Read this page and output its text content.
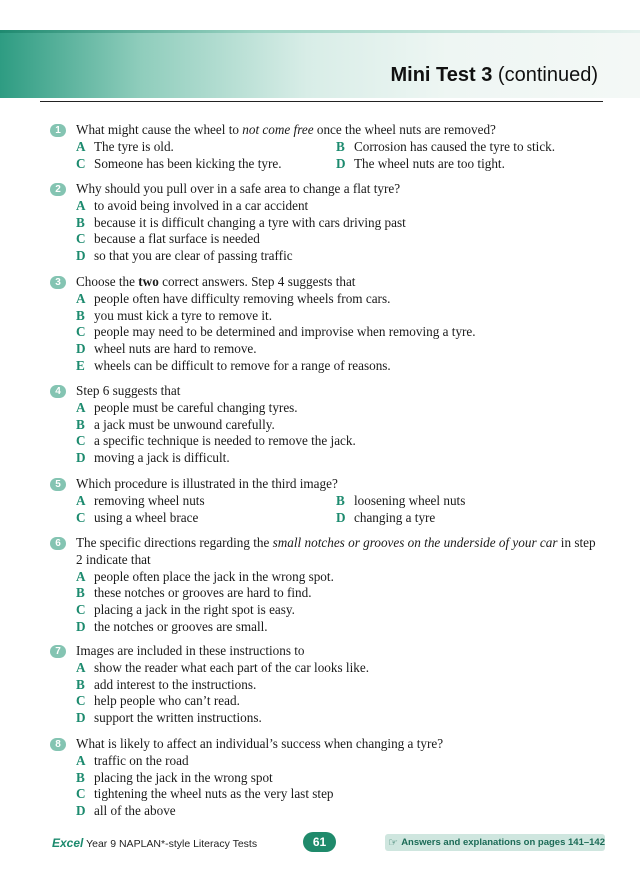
Mini Test 3 (continued)
1	What might cause the wheel to not come free once the wheel nuts are removed?
A The tyre is old.	B Corrosion has caused the tyre to stick.
C Someone has been kicking the tyre.	D The wheel nuts are too tight.
2	Why should you pull over in a safe area to change a flat tyre?
A to avoid being involved in a car accident
B because it is difficult changing a tyre with cars driving past
C because a flat surface is needed
D so that you are clear of passing traffic
3	Choose the two correct answers. Step 4 suggests that
A people often have difficulty removing wheels from cars.
B you must kick a tyre to remove it.
C people may need to be determined and improvise when removing a tyre.
D wheel nuts are hard to remove.
E wheels can be difficult to remove for a range of reasons.
4	Step 6 suggests that
A people must be careful changing tyres.
B a jack must be unwound carefully.
C a specific technique is needed to remove the jack.
D moving a jack is difficult.
5	Which procedure is illustrated in the third image?
A removing wheel nuts	B loosening wheel nuts
C using a wheel brace	D changing a tyre
6	The specific directions regarding the small notches or grooves on the underside of your car in step 2 indicate that
A people often place the jack in the wrong spot.
B these notches or grooves are hard to find.
C placing a jack in the right spot is easy.
D the notches or grooves are small.
7	Images are included in these instructions to
A show the reader what each part of the car looks like.
B add interest to the instructions.
C help people who can’t read.
D support the written instructions.
8	What is likely to affect an individual’s success when changing a tyre?
A traffic on the road
B placing the jack in the wrong spot
C tightening the wheel nuts as the very last step
D all of the above
Excel Year 9 NAPLAN*-style Literacy Tests	61	☞ Answers and explanations on pages 141–142
